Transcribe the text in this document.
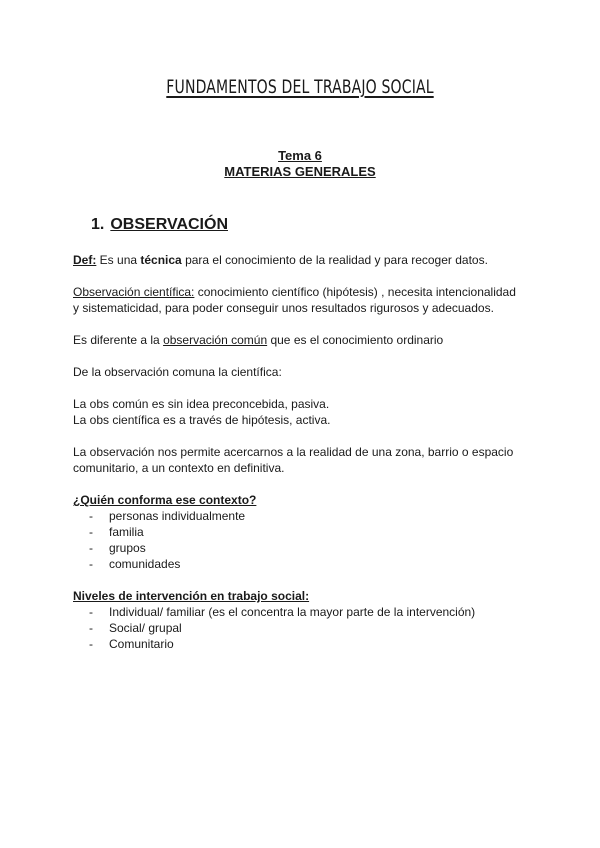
FUNDAMENTOS DEL TRABAJO SOCIAL
Tema 6
MATERIAS GENERALES
1. OBSERVACIÓN
Def: Es una técnica para el conocimiento de la realidad y para recoger datos.
Observación científica: conocimiento científico (hipótesis) , necesita intencionalidad
y sistematicidad, para poder conseguir unos resultados rigurosos y adecuados.
Es diferente a la observación común que es el conocimiento ordinario
De la observación comuna la científica:
La obs común es sin idea preconcebida, pasiva.
La obs científica es a través de hipótesis, activa.
La observación nos permite acercarnos a la realidad de una zona, barrio o espacio
comunitario, a un contexto en definitiva.
¿Quién conforma ese contexto?
- personas individualmente
- familia
- grupos
- comunidades
Niveles de intervención en trabajo social:
- Individual/ familiar (es el concentra la mayor parte de la intervención)
- Social/ grupal
- Comunitario
